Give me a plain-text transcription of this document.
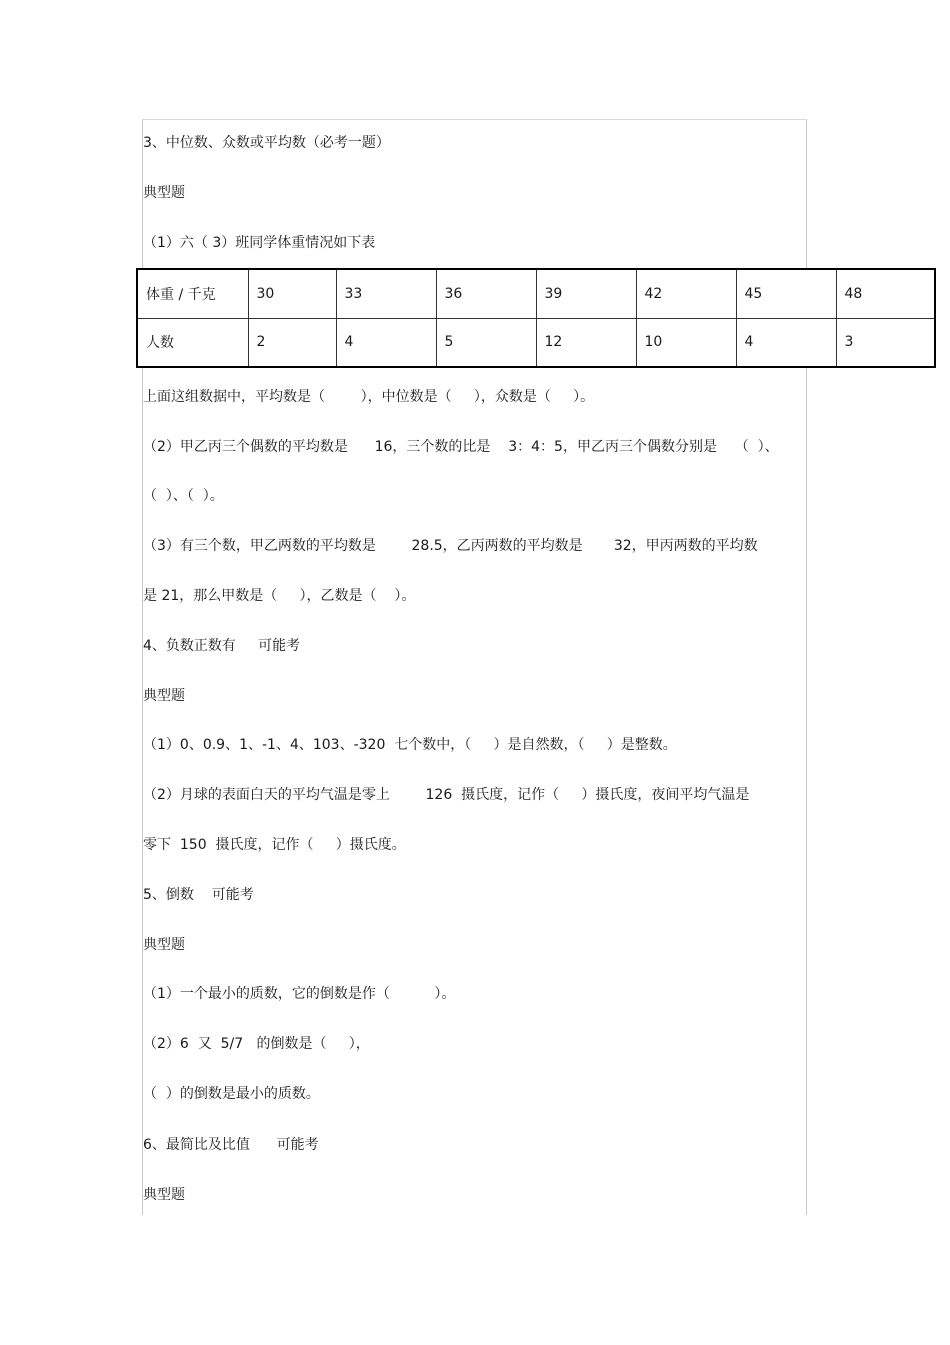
3、中位数、众数或平均数（必考一题）

典型题

（1）六（ 3）班同学体重情况如下表

体重 / 千克	30	33	36	39	42	45	48
人数	2	4	5	12	10	4	3

上面这组数据中，平均数是（        ），中位数是（     ），众数是（     ）。

（2）甲乙丙三个偶数的平均数是      16，三个数的比是    3：4：5，甲乙丙三个偶数分别是    （  ）、

（  ）、（  ）。

（3）有三个数，甲乙两数的平均数是        28.5，乙丙两数的平均数是       32，甲丙两数的平均数

是 21，那么甲数是（     ），乙数是（    ）。

4、负数正数有     可能考

典型题

（1）0、0.9、1、-1、4、103、-320  七个数中，（     ）是自然数，（     ）是整数。

（2）月球的表面白天的平均气温是零上        126  摄氏度，记作（     ）摄氏度，夜间平均气温是

零下  150  摄氏度，记作（     ）摄氏度。

5、倒数    可能考

典型题

（1）一个最小的质数，它的倒数是作（          ）。

（2）6  又  5/7   的倒数是（     ），

（  ）的倒数是最小的质数。

6、最简比及比值      可能考

典型题
